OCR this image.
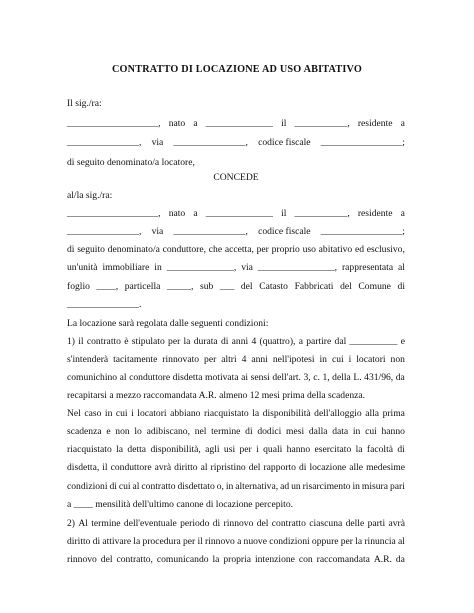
CONTRATTO DI LOCAZIONE AD USO ABITATIVO
Il sig./ra:
___________________, nato a ______________ il ___________, residente a
_______________, via _______________, codice fiscale _________________;
di seguito denominato/a locatore,
CONCEDE
al/la sig./ra:
___________________, nato a ______________ il ___________, residente a
_______________, via _______________, codice fiscale _________________;
di seguito denominato/a conduttore, che accetta, per proprio uso abitativo ed esclusivo,
un'unità immobiliare in ______________, via ________________, rappresentata al
foglio ____, particella _____, sub ___ del Catasto Fabbricati del Comune di
_______________.
La locazione sarà regolata dalle seguenti condizioni:
1) il contratto è stipulato per la durata di anni 4 (quattro), a partire dal __________ e
s'intenderà tacitamente rinnovato per altri 4 anni nell'ipotesi in cui i locatori non
comunichino al conduttore disdetta motivata ai sensi dell'art. 3, c. 1, della L. 431/96, da
recapitarsi a mezzo raccomandata A.R. almeno 12 mesi prima della scadenza.
Nel caso in cui i locatori abbiano riacquistato la disponibilità dell'alloggio alla prima
scadenza e non lo adibiscano, nel termine di dodici mesi dalla data in cui hanno
riacquistato la detta disponibilità, agli usi per i quali hanno esercitato la facoltà di
disdetta, il conduttore avrà diritto al ripristino del rapporto di locazione alle medesime
condizioni di cui al contratto disdettato o, in alternativa, ad un risarcimento in misura pari
a ____ mensilità dell'ultimo canone di locazione percepito.
2) Al termine dell'eventuale periodo di rinnovo del contratto ciascuna delle parti avrà
diritto di attivare la procedura per il rinnovo a nuove condizioni oppure per la rinuncia al
rinnovo del contratto, comunicando la propria intenzione con raccomandata A.R. da
